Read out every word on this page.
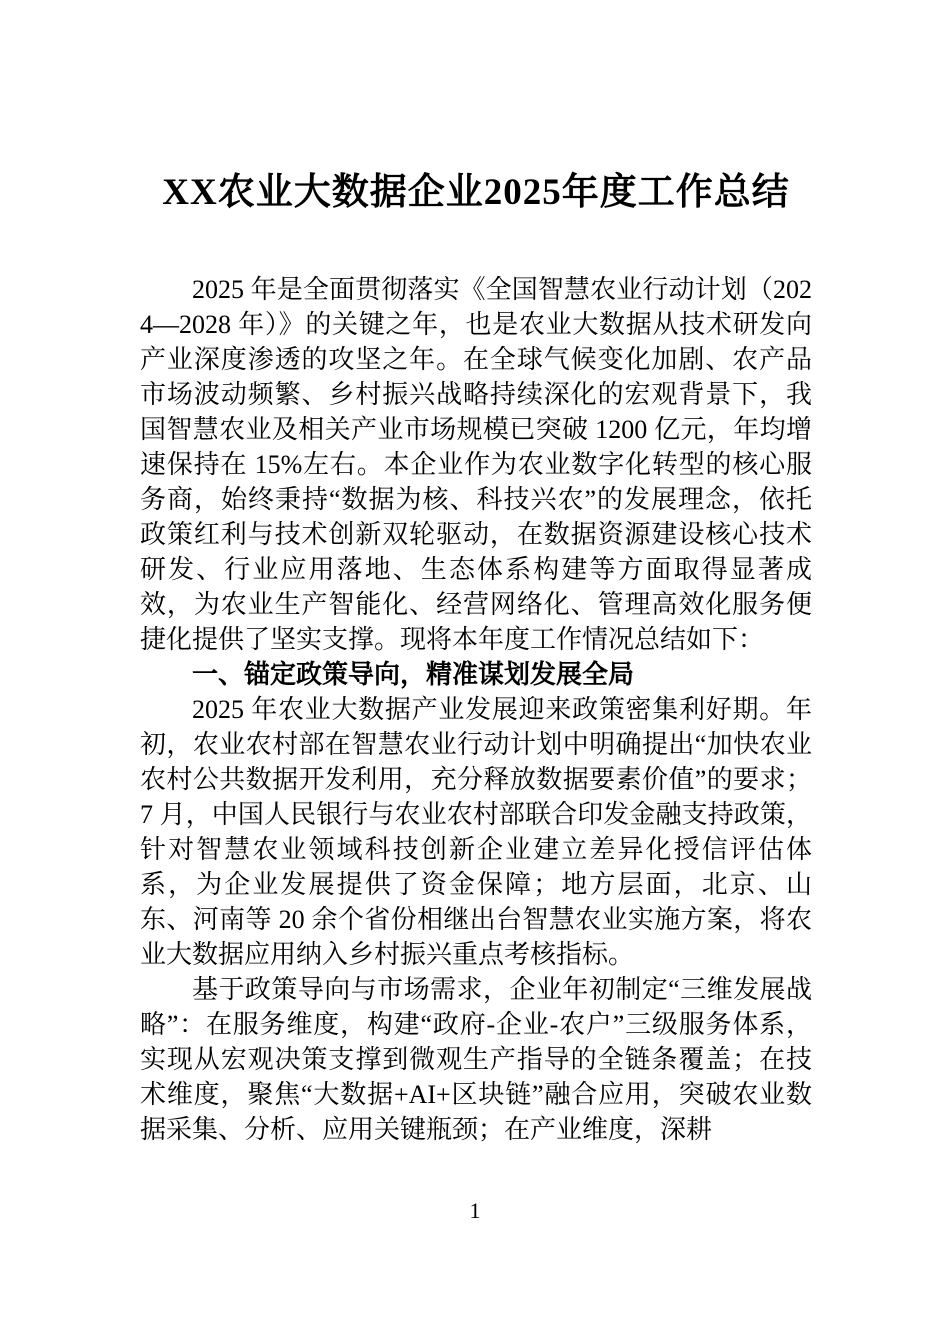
XX农业大数据企业2025年度工作总结

2025 年是全面贯彻落实《全国智慧农业行动计划（2024—2028 年）》的关键之年，也是农业大数据从技术研发向产业深度渗透的攻坚之年。在全球气候变化加剧、农产品市场波动频繁、乡村振兴战略持续深化的宏观背景下，我国智慧农业及相关产业市场规模已突破 1200 亿元，年均增速保持在 15%左右。本企业作为农业数字化转型的核心服务商，始终秉持“数据为核、科技兴农”的发展理念，依托政策红利与技术创新双轮驱动，在数据资源建设核心技术研发、行业应用落地、生态体系构建等方面取得显著成效，为农业生产智能化、经营网络化、管理高效化服务便捷化提供了坚实支撑。现将本年度工作情况总结如下：

一、锚定政策导向，精准谋划发展全局

2025 年农业大数据产业发展迎来政策密集利好期。年初，农业农村部在智慧农业行动计划中明确提出“加快农业农村公共数据开发利用，充分释放数据要素价值”的要求；7 月，中国人民银行与农业农村部联合印发金融支持政策，针对智慧农业领域科技创新企业建立差异化授信评估体系，为企业发展提供了资金保障；地方层面，北京、山东、河南等 20 余个省份相继出台智慧农业实施方案，将农业大数据应用纳入乡村振兴重点考核指标。

基于政策导向与市场需求，企业年初制定“三维发展战略”：在服务维度，构建“政府-企业-农户”三级服务体系，实现从宏观决策支撑到微观生产指导的全链条覆盖；在技术维度，聚焦“大数据+AI+区块链”融合应用，突破农业数据采集、分析、应用关键瓶颈；在产业维度，深耕

1
